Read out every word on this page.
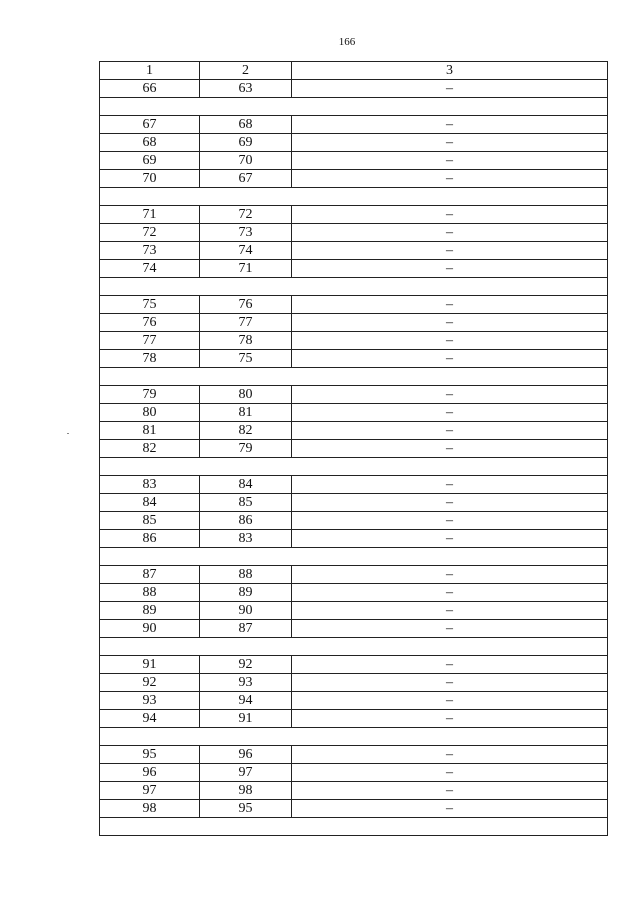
166
1	2	3
66	63	–
67	68	–
68	69	–
69	70	–
70	67	–
71	72	–
72	73	–
73	74	–
74	71	–
75	76	–
76	77	–
77	78	–
78	75	–
79	80	–
80	81	–
81	82	–
82	79	–
83	84	–
84	85	–
85	86	–
86	83	–
87	88	–
88	89	–
89	90	–
90	87	–
91	92	–
92	93	–
93	94	–
94	91	–
95	96	–
96	97	–
97	98	–
98	95	–
